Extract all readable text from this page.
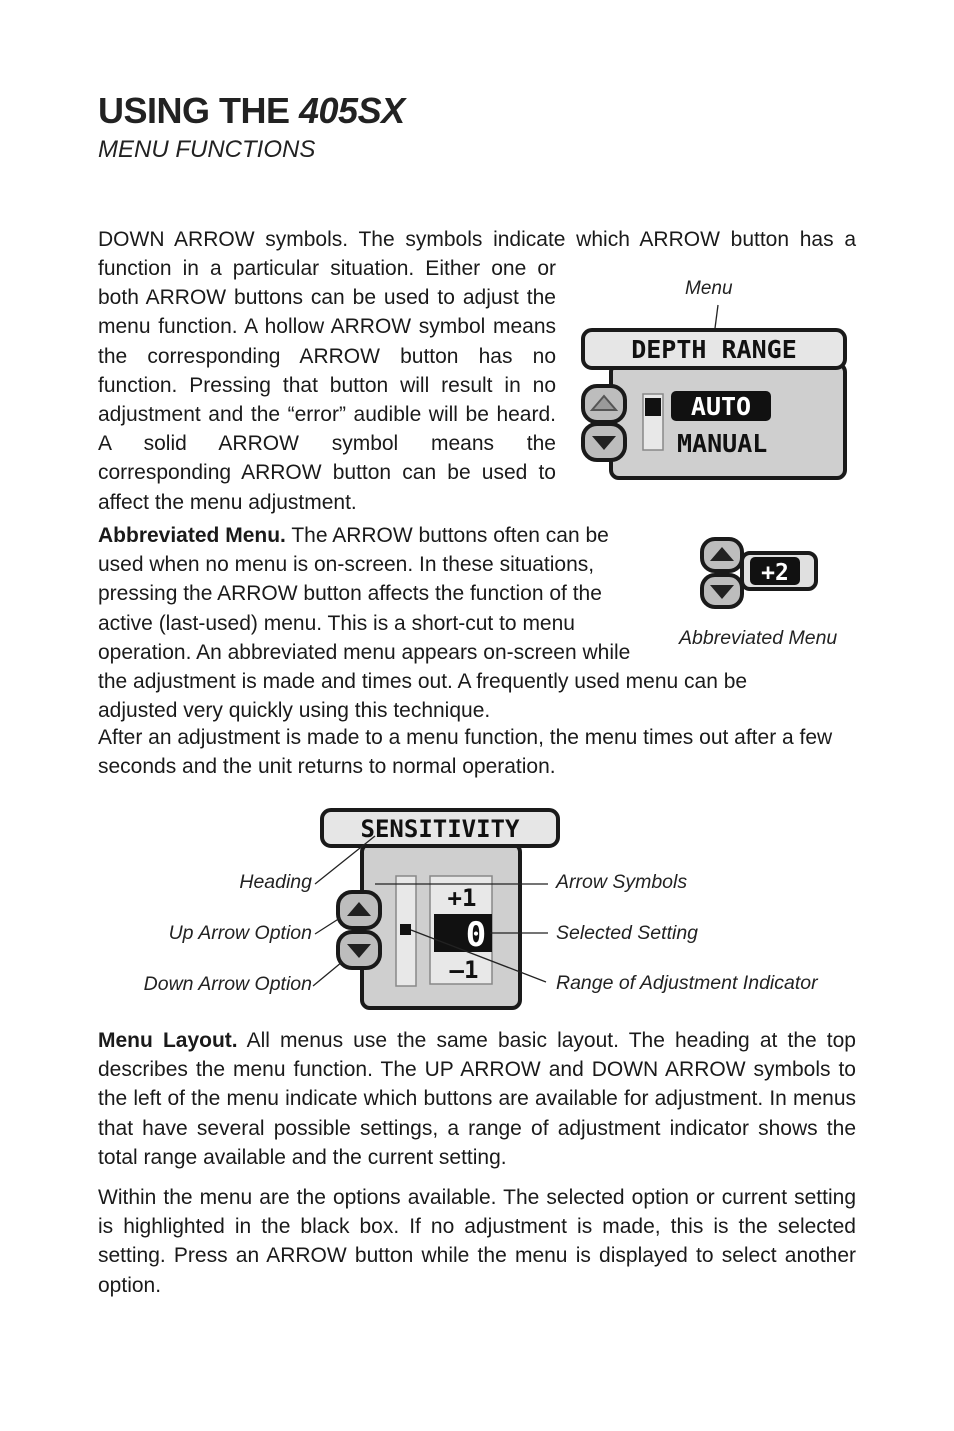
USING THE 405SX
MENU FUNCTIONS
DOWN ARROW symbols. The symbols indicate which ARROW button has a
function in a particular situation. Either one or both ARROW buttons can be used to adjust the menu function. A hollow ARROW symbol means the corresponding ARROW button has no function. Pressing that button will result in no adjustment and the “error” audible will be heard. A solid ARROW symbol means the corresponding ARROW button can be used to affect the menu adjustment.
Menu
DEPTH RANGE
AUTO
MANUAL
Abbreviated Menu. The ARROW buttons often can be
used when no menu is on-screen. In these situations,
pressing the ARROW button affects the function of the
active (last-used) menu. This is a short-cut to menu
operation. An abbreviated menu appears on-screen while
the adjustment is made and times out. A frequently used menu can be
adjusted very quickly using this technique.
+2
Abbreviated Menu
After an adjustment is made to a menu function, the menu times out after a few seconds and the unit returns to normal operation.
SENSITIVITY
+1
0
–1
Heading
Up Arrow Option
Down Arrow Option
Arrow Symbols
Selected Setting
Range of Adjustment Indicator
Menu Layout. All menus use the same basic layout. The heading at the top describes the menu function. The UP ARROW and DOWN ARROW symbols to the left of the menu indicate which buttons are available for adjustment. In menus that have several possible settings, a range of adjustment indicator shows the total range available and the current setting.
Within the menu are the options available. The selected option or current setting is highlighted in the black box. If no adjustment is made, this is the selected setting. Press an ARROW button while the menu is displayed to select another option.
